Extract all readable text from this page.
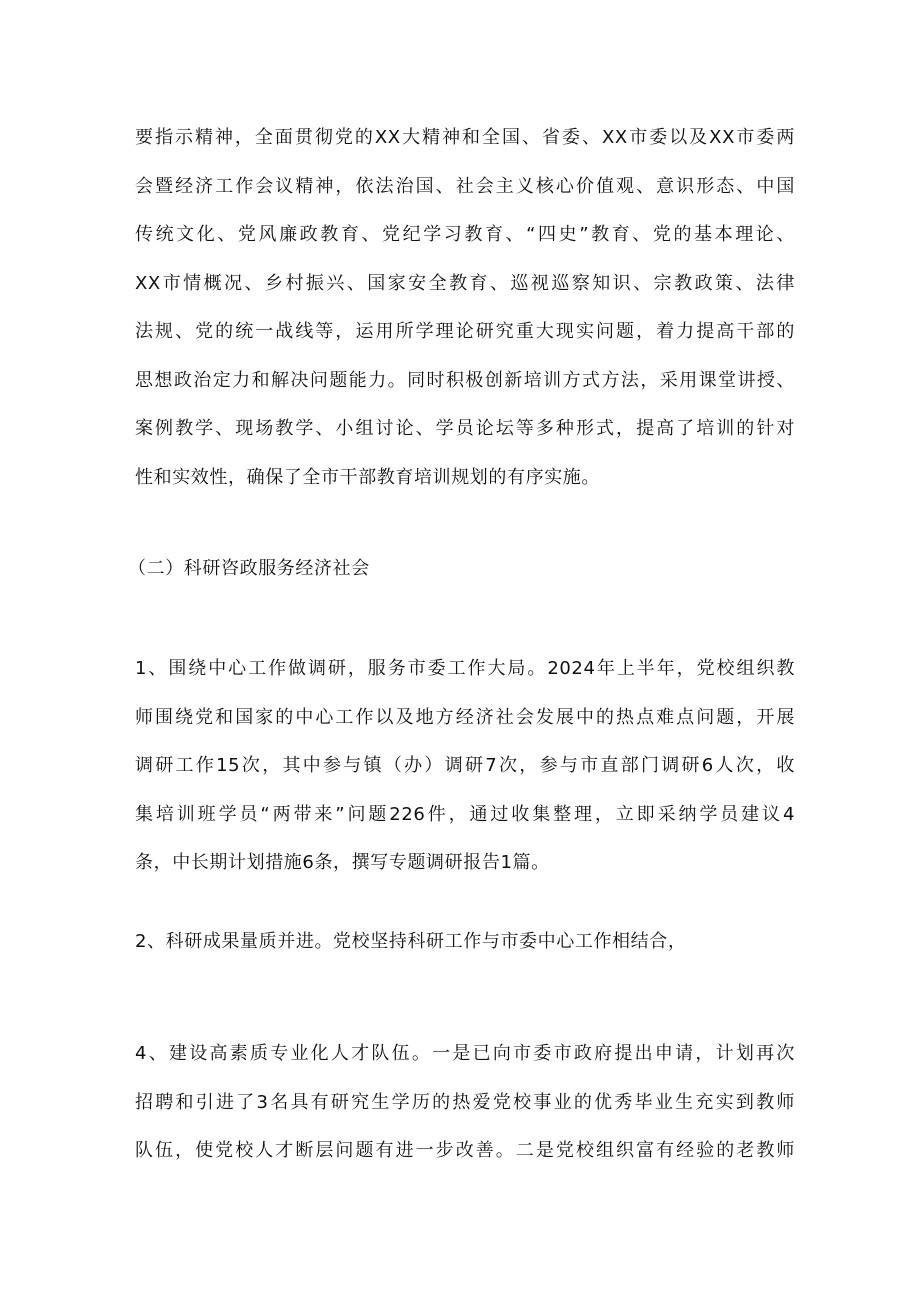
要指示精神，全面贯彻党的XX大精神和全国、省委、XX市委以及XX市委两
会暨经济工作会议精神，依法治国、社会主义核心价值观、意识形态、中国
传统文化、党风廉政教育、党纪学习教育、“四史”教育、党的基本理论、
XX市情概况、乡村振兴、国家安全教育、巡视巡察知识、宗教政策、法律
法规、党的统一战线等，运用所学理论研究重大现实问题，着力提高干部的
思想政治定力和解决问题能力。同时积极创新培训方式方法，采用课堂讲授、
案例教学、现场教学、小组讨论、学员论坛等多种形式，提高了培训的针对
性和实效性，确保了全市干部教育培训规划的有序实施。
（二）科研咨政服务经济社会
1、围绕中心工作做调研，服务市委工作大局。2024年上半年，党校组织教
师围绕党和国家的中心工作以及地方经济社会发展中的热点难点问题，开展
调研工作15次，其中参与镇（办）调研7次，参与市直部门调研6人次，收
集培训班学员“两带来”问题226件，通过收集整理，立即采纳学员建议4
条，中长期计划措施6条，撰写专题调研报告1篇。
2、科研成果量质并进。党校坚持科研工作与市委中心工作相结合，
4、建设高素质专业化人才队伍。一是已向市委市政府提出申请，计划再次
招聘和引进了3名具有研究生学历的热爱党校事业的优秀毕业生充实到教师
队伍，使党校人才断层问题有进一步改善。二是党校组织富有经验的老教师
